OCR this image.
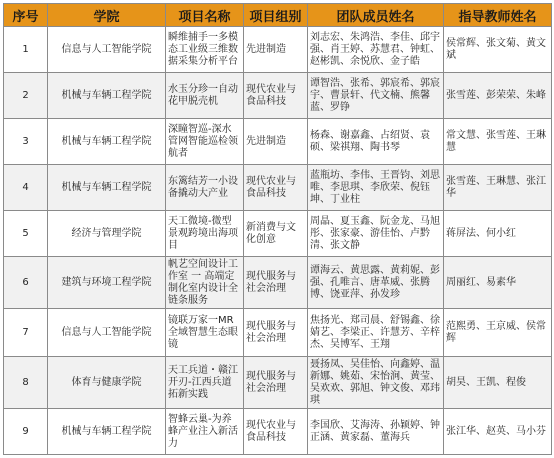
序号	学院	项目名称	项目组别	团队成员姓名	指导教师姓名
1	信息与人工智能学院	瞬维捕手一多模态工业级三维数据采集分析平台	先进制造	刘志宏、朱鸿浩、李佳、邱宇强、肖王婷、苏慧君、钟虹、赵彬凯、余悦欣、金子皓	侯常辉、张文菊、黄文斌

2	机械与车辆工程学院	水玉分珍一自动花甲脱壳机	现代农业与食品科技	谭智浩、张希、郭宸希、郭宸宇、曹景轩、代文楠、熊馨蓝、罗铮	张雪莲、彭荣荣、朱峰

3	机械与车辆工程学院	深瞳智巡-深水管网智能巡检领航者	先进制造	杨森、谢嘉鑫、占绍贤、袁硕、梁祺翔、陶书琴	常文慧、张雪莲、王琳慧

4	机械与车辆工程学院	东篱结芳一小设备撬动大产业	现代农业与食品科技	蓝瓶坊、李伟、王晋钧、刘思唯、李思琪、李欣荣、倪钰坤、丁业柱	张雪莲、王琳慧、张江华

5	经济与管理学院	天工微境-微型景观跨境出海项目	新消费与文化创意	周晶、夏玉鑫、阮金龙、马旭彤、张家豪、游佳怡、卢黔清、张文静	蒋屏法、何小红

6	建筑与环境工程学院	帆艺空间设计工作室 一 高端定制化室内设计全链条服务	现代服务与社会治理	谭海云、黄思露、黄莉妮、彭强、孔唯言、唐革威、张腾博、饶亚萍、孙发珍	周丽红、易素华

7	信息与人工智能学院	镜联万家一MR全域智慧生态眼镜	现代服务与社会治理	焦扬光、郑司晨、舒锡鑫、徐婧艺、李梁正、许慧芳、辛梓杰、吴博军、王翔	范熙勇、王京威、侯常辉

8	体育与健康学院	天工兵道・赣江开刃-江西兵道拓新实践	现代服务与社会治理	聂扬凤、吴佳怡、向鑫婷、温新娜、姚茹、宋怡涧、黄莹、吴欢欢、郭旭、钟文俊、邓玮琪	胡昊、王凯、程俊

9	机械与车辆工程学院	智蜂云巢-为养蜂产业注入新活力	现代农业与食品科技	李国欣、艾海涛、孙颖婷、钟正涵、黄家磊、董海兵	张江华、赵英、马小芬
